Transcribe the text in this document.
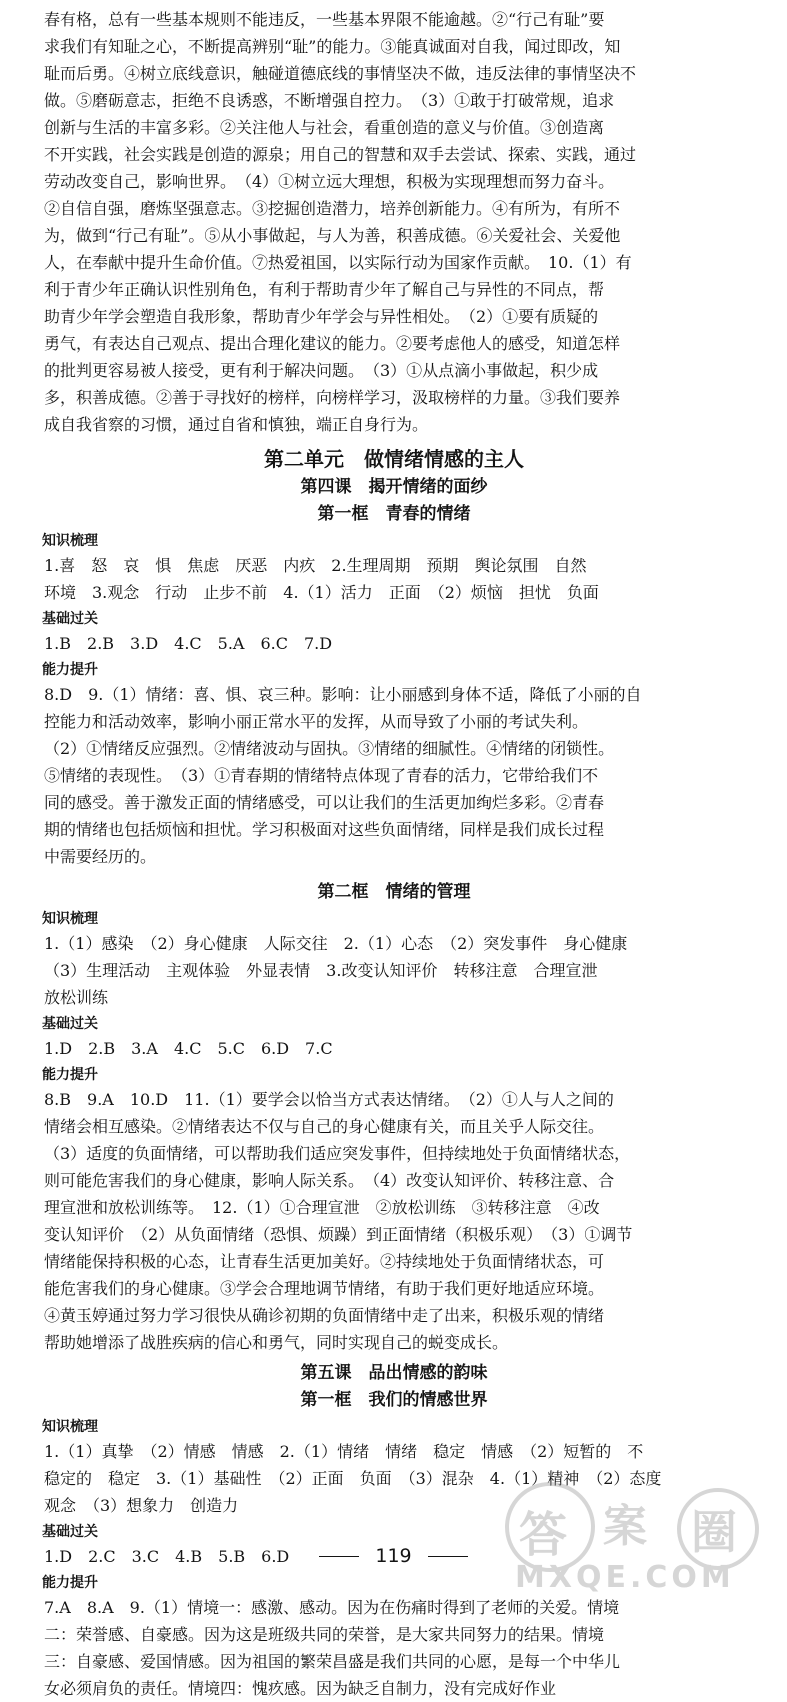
春有格，总有一些基本规则不能违反，一些基本界限不能逾越。②“行己有耻”要

求我们有知耻之心，不断提高辨别“耻”的能力。③能真诚面对自我，闻过即改，知

耻而后勇。④树立底线意识，触碰道德底线的事情坚决不做，违反法律的事情坚决不

做。⑤磨砺意志，拒绝不良诱惑，不断增强自控力。　（3）①敢于打破常规，追求

创新与生活的丰富多彩。②关注他人与社会，看重创造的意义与价值。③创造离

不开实践，社会实践是创造的源泉；用自己的智慧和双手去尝试、探索、实践，通过

劳动改变自己，影响世界。　（4）①树立远大理想，积极为实现理想而努力奋斗。

②自信自强，磨炼坚强意志。③挖掘创造潜力，培养创新能力。④有所为，有所不

为，做到“行己有耻”。⑤从小事做起，与人为善，积善成德。⑥关爱社会、关爱他

人，在奉献中提升生命价值。⑦热爱祖国，以实际行动为国家作贡献。　10.（1）有

利于青少年正确认识性别角色，有利于帮助青少年了解自己与异性的不同点，帮

助青少年学会塑造自我形象，帮助青少年学会与异性相处。　（2）①要有质疑的

勇气，有表达自己观点、提出合理化建议的能力。②要考虑他人的感受，知道怎样

的批判更容易被人接受，更有利于解决问题。　（3）①从点滴小事做起，积少成

多，积善成德。②善于寻找好的榜样，向榜样学习，汲取榜样的力量。③我们要养

成自我省察的习惯，通过自省和慎独，端正自身行为。

第二单元　做情绪情感的主人
第四课　揭开情绪的面纱
第一框　青春的情绪
知识梳理

1.喜　怒　哀　惧　焦虑　厌恶　内疚　2.生理周期　预期　舆论氛围　自然

环境　3.观念　行动　止步不前　4.（1）活力　正面　（2）烦恼　担忧　负面

基础过关

1.B　2.B　3.D　4.C　5.A　6.C　7.D

能力提升

8.D　9.（1）情绪：喜、惧、哀三种。影响：让小丽感到身体不适，降低了小丽的自

控能力和活动效率，影响小丽正常水平的发挥，从而导致了小丽的考试失利。

（2）①情绪反应强烈。②情绪波动与固执。③情绪的细腻性。④情绪的闭锁性。

⑤情绪的表现性。　（3）①青春期的情绪特点体现了青春的活力，它带给我们不

同的感受。善于激发正面的情绪感受，可以让我们的生活更加绚烂多彩。②青春

期的情绪也包括烦恼和担忧。学习积极面对这些负面情绪，同样是我们成长过程

中需要经历的。

第二框　情绪的管理
知识梳理

1.（1）感染　（2）身心健康　人际交往　2.（1）心态　（2）突发事件　身心健康

（3）生理活动　主观体验　外显表情　3.改变认知评价　转移注意　合理宣泄

放松训练

基础过关

1.D　2.B　3.A　4.C　5.C　6.D　7.C

能力提升

8.B　9.A　10.D　11.（1）要学会以恰当方式表达情绪。　（2）①人与人之间的

情绪会相互感染。②情绪表达不仅与自己的身心健康有关，而且关乎人际交往。

（3）适度的负面情绪，可以帮助我们适应突发事件，但持续地处于负面情绪状态，

则可能危害我们的身心健康，影响人际关系。　（4）改变认知评价、转移注意、合

理宣泄和放松训练等。　12.（1）①合理宣泄　②放松训练　③转移注意　④改

变认知评价　（2）从负面情绪（恐惧、烦躁）到正面情绪（积极乐观）　（3）①调节

情绪能保持积极的心态，让青春生活更加美好。②持续地处于负面情绪状态，可

能危害我们的身心健康。③学会合理地调节情绪，有助于我们更好地适应环境。

④黄玉婷通过努力学习很快从确诊初期的负面情绪中走了出来，积极乐观的情绪

帮助她增添了战胜疾病的信心和勇气，同时实现自己的蜕变成长。

第五课　品出情感的韵味
第一框　我们的情感世界
知识梳理

1.（1）真挚　（2）情感　情感　2.（1）情绪　情绪　稳定　情感　（2）短暂的　不

稳定的　稳定　3.（1）基础性　（2）正面　负面　（3）混杂　4.（1）精神　（2）态度

观念　（3）想象力　创造力

基础过关

1.D　2.C　3.C　4.B　5.B　6.D

能力提升

7.A　8.A　9.（1）情境一：感激、感动。因为在伤痛时得到了老师的关爱。情境

二：荣誉感、自豪感。因为这是班级共同的荣誉，是大家共同努力的结果。情境

三：自豪感、爱国情感。因为祖国的繁荣昌盛是我们共同的心愿，是每一个中华儿

女必须肩负的责任。情境四：愧疚感。因为缺乏自制力，没有完成好作业

答 案 圈
MXQE.COM
119
